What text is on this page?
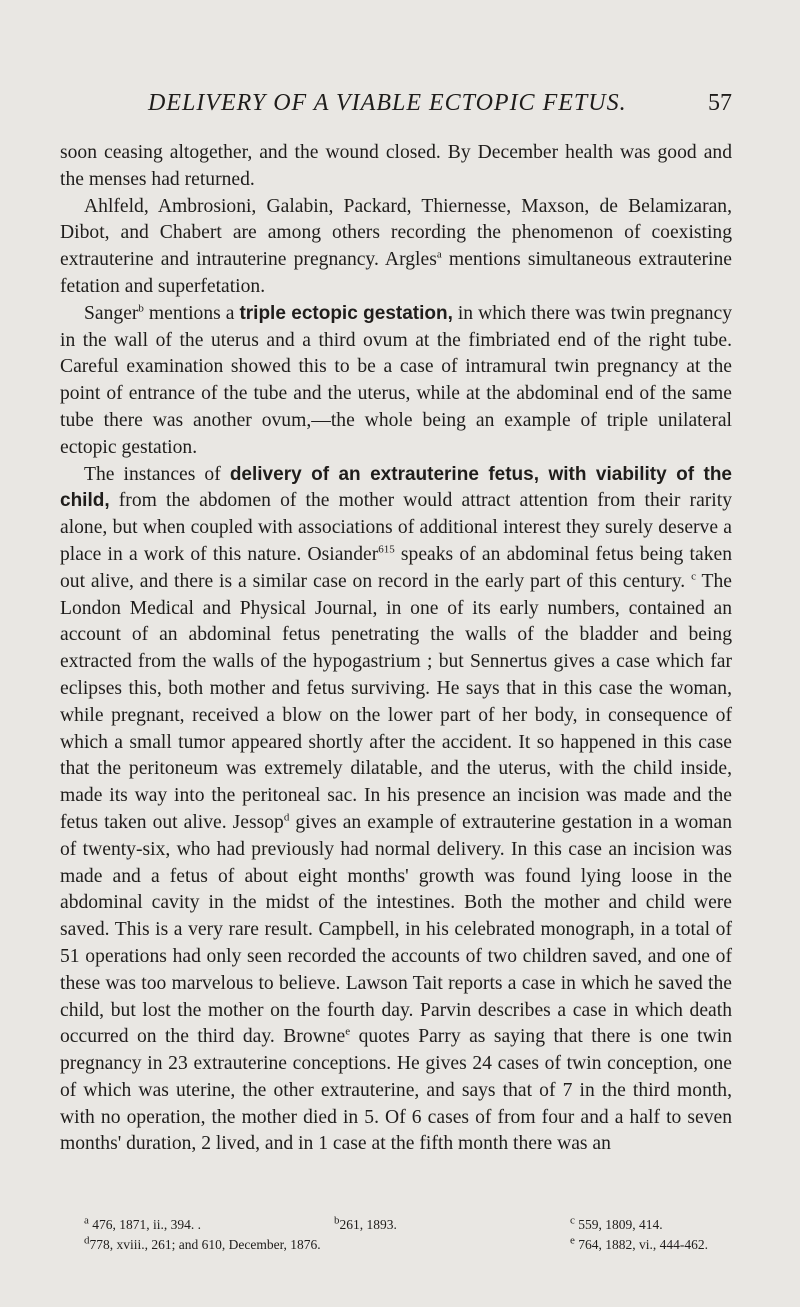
DELIVERY OF A VIABLE ECTOPIC FETUS.	57

soon ceasing altogether, and the wound closed. By December health was good and the menses had returned.

Ahlfeld, Ambrosioni, Galabin, Packard, Thiernesse, Maxson, de Belamizaran, Dibot, and Chabert are among others recording the phenomenon of coexisting extrauterine and intrauterine pregnancy. Argles$^a$ mentions simultaneous extrauterine fetation and superfetation.

Sanger$^b$ mentions a triple ectopic gestation, in which there was twin pregnancy in the wall of the uterus and a third ovum at the fimbriated end of the right tube. Careful examination showed this to be a case of intramural twin pregnancy at the point of entrance of the tube and the uterus, while at the abdominal end of the same tube there was another ovum,—the whole being an example of triple unilateral ectopic gestation.

The instances of delivery of an extrauterine fetus, with viability of the child, from the abdomen of the mother would attract attention from their rarity alone, but when coupled with associations of additional interest they surely deserve a place in a work of this nature. Osiander$^{615}$ speaks of an abdominal fetus being taken out alive, and there is a similar case on record in the early part of this century. $^c$ The London Medical and Physical Journal, in one of its early numbers, contained an account of an abdominal fetus penetrating the walls of the bladder and being extracted from the walls of the hypogastrium ; but Sennertus gives a case which far eclipses this, both mother and fetus surviving. He says that in this case the woman, while pregnant, received a blow on the lower part of her body, in consequence of which a small tumor appeared shortly after the accident. It so happened in this case that the peritoneum was extremely dilatable, and the uterus, with the child inside, made its way into the peritoneal sac. In his presence an incision was made and the fetus taken out alive. Jessop$^d$ gives an example of extrauterine gestation in a woman of twenty-six, who had previously had normal delivery. In this case an incision was made and a fetus of about eight months' growth was found lying loose in the abdominal cavity in the midst of the intestines. Both the mother and child were saved. This is a very rare result. Campbell, in his celebrated monograph, in a total of 51 operations had only seen recorded the accounts of two children saved, and one of these was too marvelous to believe. Lawson Tait reports a case in which he saved the child, but lost the mother on the fourth day. Parvin describes a case in which death occurred on the third day. Browne$^e$ quotes Parry as saying that there is one twin pregnancy in 23 extrauterine conceptions. He gives 24 cases of twin conception, one of which was uterine, the other extrauterine, and says that of 7 in the third month, with no operation, the mother died in 5. Of 6 cases of from four and a half to seven months' duration, 2 lived, and in 1 case at the fifth month there was an

$^a$ 476, 1871, ii., 394. .	$^b$261, 1893.	$^c$ 559, 1809, 414.
$^d$778, xviii., 261; and 610, December, 1876.	$^e$ 764, 1882, vi., 444-462.
